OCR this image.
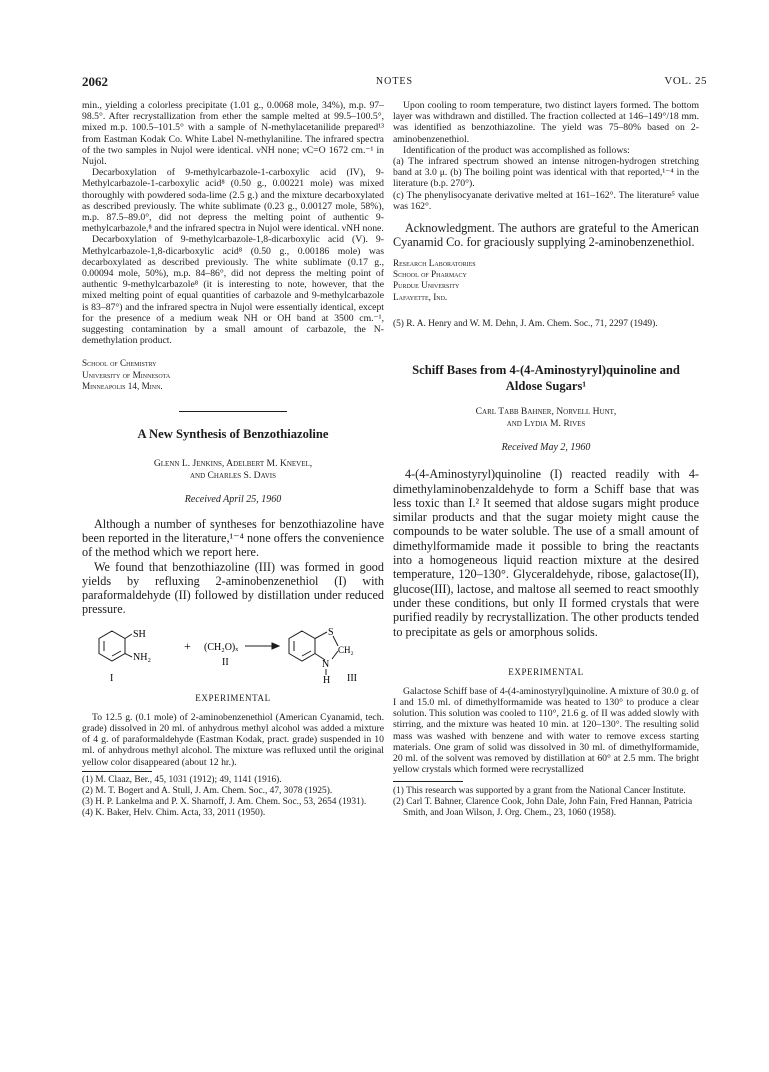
2062	NOTES	VOL. 25

min., yielding a colorless precipitate (1.01 g., 0.0068 mole, 34%), m.p. 97–98.5°. After recrystallization from ether the sample melted at 99.5–100.5°, mixed m.p. 100.5–101.5° with a sample of N-methylacetanilide prepared¹³ from Eastman Kodak Co. White Label N-methylaniline. The infrared spectra of the two samples in Nujol were identical. νNH none; νC=O 1672 cm.⁻¹ in Nujol.

Decarboxylation of 9-methylcarbazole-1-carboxylic acid (IV), 9-Methylcarbazole-1-carboxylic acid⁸ (0.50 g., 0.00221 mole) was mixed thoroughly with powdered soda-lime (2.5 g.) and the mixture decarboxylated as described previously. The white sublimate (0.23 g., 0.00127 mole, 58%), m.p. 87.5–89.0°, did not depress the melting point of authentic 9-methylcarbazole,⁸ and the infrared spectra in Nujol were identical. νNH none.

Decarboxylation of 9-methylcarbazole-1,8-dicarboxylic acid (V). 9-Methylcarbazole-1,8-dicarboxylic acid⁸ (0.50 g., 0.00186 mole) was decarboxylated as described previously. The white sublimate (0.17 g., 0.00094 mole, 50%), m.p. 84–86°, did not depress the melting point of authentic 9-methylcarbazole⁸ (it is interesting to note, however, that the mixed melting point of equal quantities of carbazole and 9-methylcarbazole is 83–87°) and the infrared spectra in Nujol were essentially identical, except for the presence of a medium weak NH or OH band at 3500 cm.⁻¹, suggesting contamination by a small amount of carbazole, the N-demethylation product.

School of Chemistry

University of Minnesota

Minneapolis 14, Minn.

A New Synthesis of Benzothiazoline

Glenn L. Jenkins, Adelbert M. Knevel,

and Charles S. Davis

Received April 25, 1960

Although a number of syntheses for benzothiazoline have been reported in the literature,¹⁻⁴ none offers the convenience of the method which we report here.

We found that benzothiazoline (III) was formed in good yields by refluxing 2-aminobenzenethiol (I) with paraformaldehyde (II) followed by distillation under reduced pressure.

SH
NH₂
+ (CH₂O)ₓ
II
S
N
CH₂
H
I	III

EXPERIMENTAL

To 12.5 g. (0.1 mole) of 2-aminobenzenethiol (American Cyanamid, tech. grade) dissolved in 20 ml. of anhydrous methyl alcohol was added a mixture of 4 g. of paraformaldehyde (Eastman Kodak, pract. grade) suspended in 10 ml. of anhydrous methyl alcohol. The mixture was refluxed until the original yellow color disappeared (about 12 hr.).

(1) M. Claaz, Ber., 45, 1031 (1912); 49, 1141 (1916).

(2) M. T. Bogert and A. Stull, J. Am. Chem. Soc., 47, 3078 (1925).

(3) H. P. Lankelma and P. X. Sharnoff, J. Am. Chem. Soc., 53, 2654 (1931).

(4) K. Baker, Helv. Chim. Acta, 33, 2011 (1950).

Upon cooling to room temperature, two distinct layers formed. The bottom layer was withdrawn and distilled. The fraction collected at 146–149°/18 mm. was identified as benzothiazoline. The yield was 75–80% based on 2-aminobenzenethiol.

Identification of the product was accomplished as follows:

(a) The infrared spectrum showed an intense nitrogen-hydrogen stretching band at 3.0 μ. (b) The boiling point was identical with that reported,¹⁻⁴ in the literature (b.p. 270°).

(c) The phenylisocyanate derivative melted at 161–162°. The literature⁵ value was 162°.

Acknowledgment. The authors are grateful to the American Cyanamid Co. for graciously supplying 2-aminobenzenethiol.

Research Laboratories

School of Pharmacy

Purdue University

Lafayette, Ind.

(5) R. A. Henry and W. M. Dehn, J. Am. Chem. Soc., 71, 2297 (1949).

Schiff Bases from 4-(4-Aminostyryl)quinoline and Aldose Sugars¹

Carl Tabb Bahner, Norvell Hunt,

and Lydia M. Rives

Received May 2, 1960

4-(4-Aminostyryl)quinoline (I) reacted readily with 4-dimethylaminobenzaldehyde to form a Schiff base that was less toxic than I.² It seemed that aldose sugars might produce similar products and that the sugar moiety might cause the compounds to be water soluble. The use of a small amount of dimethylformamide made it possible to bring the reactants into a homogeneous liquid reaction mixture at the desired temperature, 120–130°. Glyceraldehyde, ribose, galactose(II), glucose(III), lactose, and maltose all seemed to react smoothly under these conditions, but only II formed crystals that were purified readily by recrystallization. The other products tended to precipitate as gels or amorphous solids.

EXPERIMENTAL

Galactose Schiff base of 4-(4-aminostyryl)quinoline. A mixture of 30.0 g. of I and 15.0 ml. of dimethylformamide was heated to 130° to produce a clear solution. This solution was cooled to 110°, 21.6 g. of II was added slowly with stirring, and the mixture was heated 10 min. at 120–130°. The resulting solid mass was washed with benzene and with water to remove excess starting materials. One gram of solid was dissolved in 30 ml. of dimethylformamide, 20 ml. of the solvent was removed by distillation at 60° at 2.5 mm. The bright yellow crystals which formed were recrystallized

(1) This research was supported by a grant from the National Cancer Institute.

(2) Carl T. Bahner, Clarence Cook, John Dale, John Fain, Fred Hannan, Patricia Smith, and Joan Wilson, J. Org. Chem., 23, 1060 (1958).
